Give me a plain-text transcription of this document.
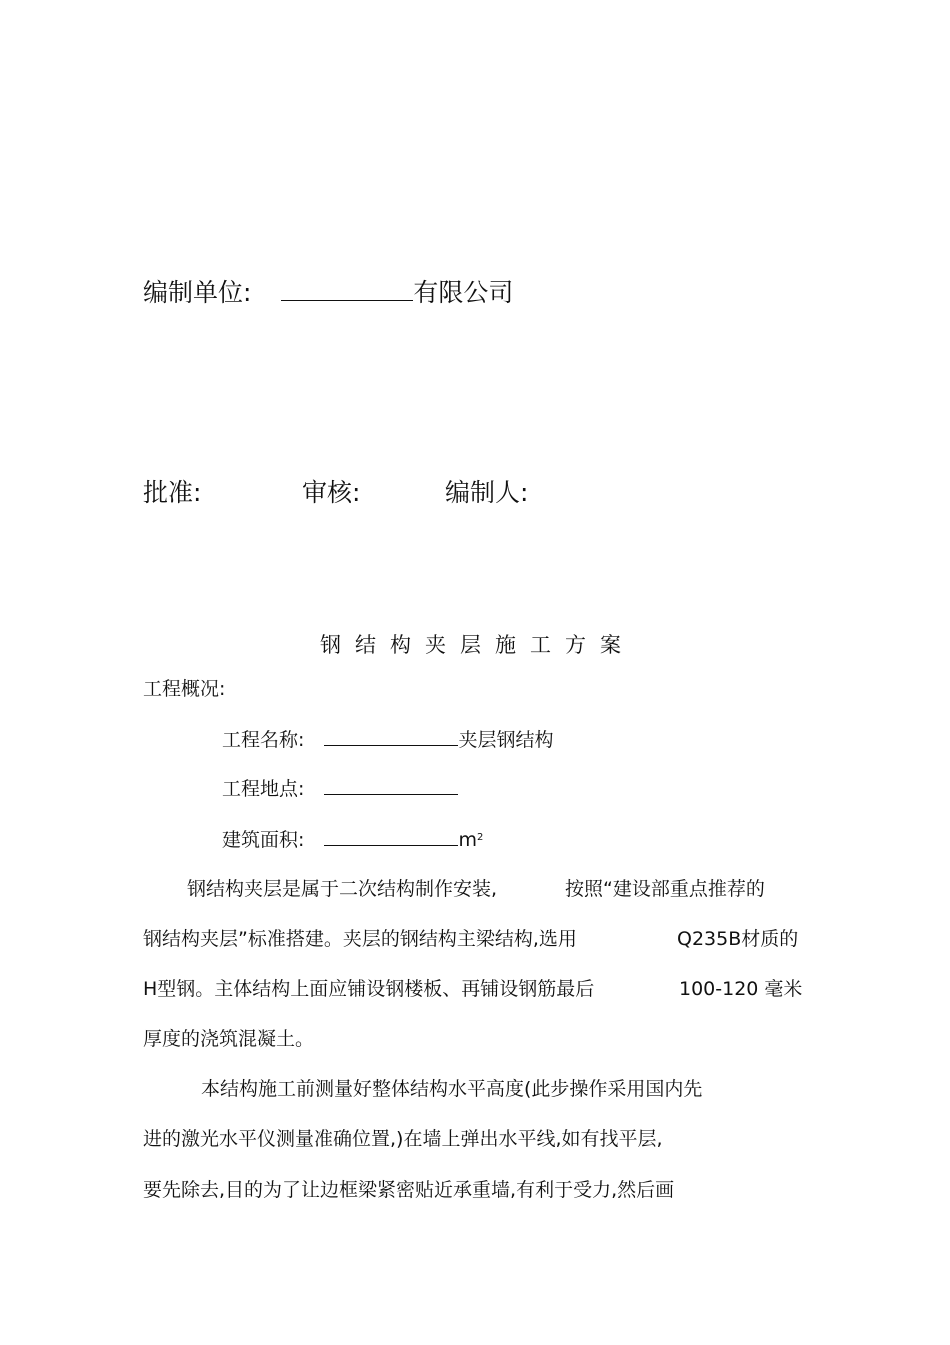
编制单位:	有限公司
批准:	审核:	编制人:
钢结构夹层施工方案
工程概况:
工程名称:	夹层钢结构
工程地点:
建筑面积:	$m^2$
钢结构夹层是属于二次结构制作安装,	按照“建设部重点推荐的
钢结构夹层”标准搭建。夹层的钢结构主梁结构,选用	Q235B材质的
H型钢。主体结构上面应铺设钢楼板、再铺设钢筋最后	100-120 毫米
厚度的浇筑混凝土。
本结构施工前测量好整体结构水平高度(此步操作采用国内先
进的激光水平仪测量准确位置,)在墙上弹出水平线,如有找平层,
要先除去,目的为了让边框梁紧密贴近承重墙,有利于受力,然后画
